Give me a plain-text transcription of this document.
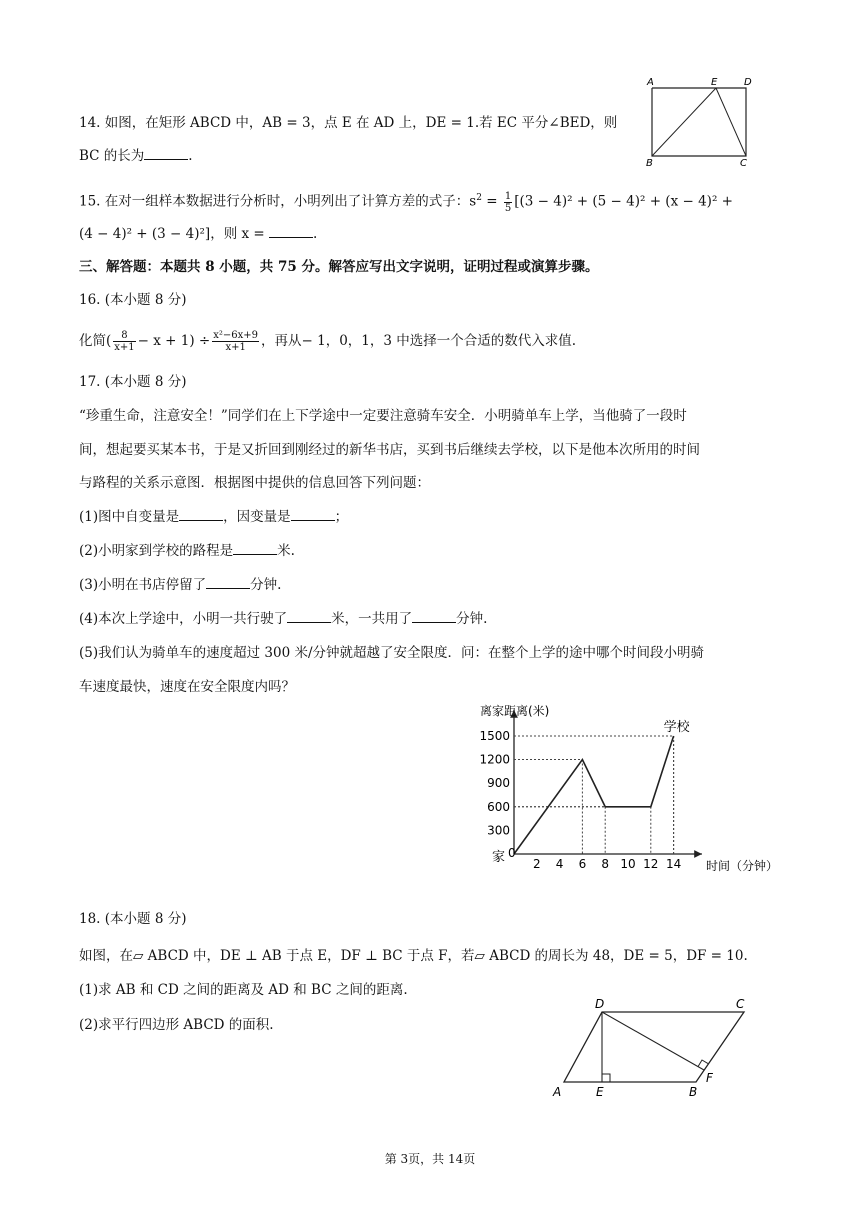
14. 如图，在矩形 ABCD 中，AB = 3，点 E 在 AD 上，DE = 1.若 EC 平分∠BED，则
BC 的长为	.
A	E	D
B	C
15. 在对一组样本数据进行分析时，小明列出了计算方差的式子：$s^2 = \frac{1}{5} [(3 - 4)^2 + (5 - 4)^2 + (x - 4)^2$ +
(4 − 4)² + (3 − 4)²]，则 x =	.
三、解答题：本题共 8 小题，共 75 分。解答应写出文字说明，证明过程或演算步骤。
16. (本小题 8 分)
化简( $\frac{8}{x+1} - x + 1) \div \frac{\text{x²−6x+9}}{x+1}$ ，再从− 1，0，1，3 中选择一个合适的数代入求值.
17. (本小题 8 分)
“珍重生命，注意安全！”同学们在上下学途中一定要注意骑车安全．小明骑单车上学，当他骑了一段时
间，想起要买某本书，于是又折回到刚经过的新华书店，买到书后继续去学校，以下是他本次所用的时间
与路程的关系示意图．根据图中提供的信息回答下列问题：
(1)图中自变量是	，因变量是	；
(2)小明家到学校的路程是	米.
(3)小明在书店停留了	分钟.
(4)本次上学途中，小明一共行驶了	米，一共用了	分钟.
(5)我们认为骑单车的速度超过 300 米/分钟就超越了安全限度．问：在整个上学的途中哪个时间段小明骑
车速度最快，速度在安全限度内吗？
0
2 4 6 8 10 12 14
300
600
900
1200
1500
离家距离(米)
时间（分钟）
家
学校
18. (本小题 8 分)
如图，在▱ ABCD 中，DE ⊥ AB 于点 E，DF ⊥ BC 于点 F，若▱ ABCD 的周长为 48，DE = 5，DF = 10.
(1)求 AB 和 CD 之间的距离及 AD 和 BC 之间的距离.
(2)求平行四边形 ABCD 的面积.
A	E	B
F
D	C
第 3页，共 14页
